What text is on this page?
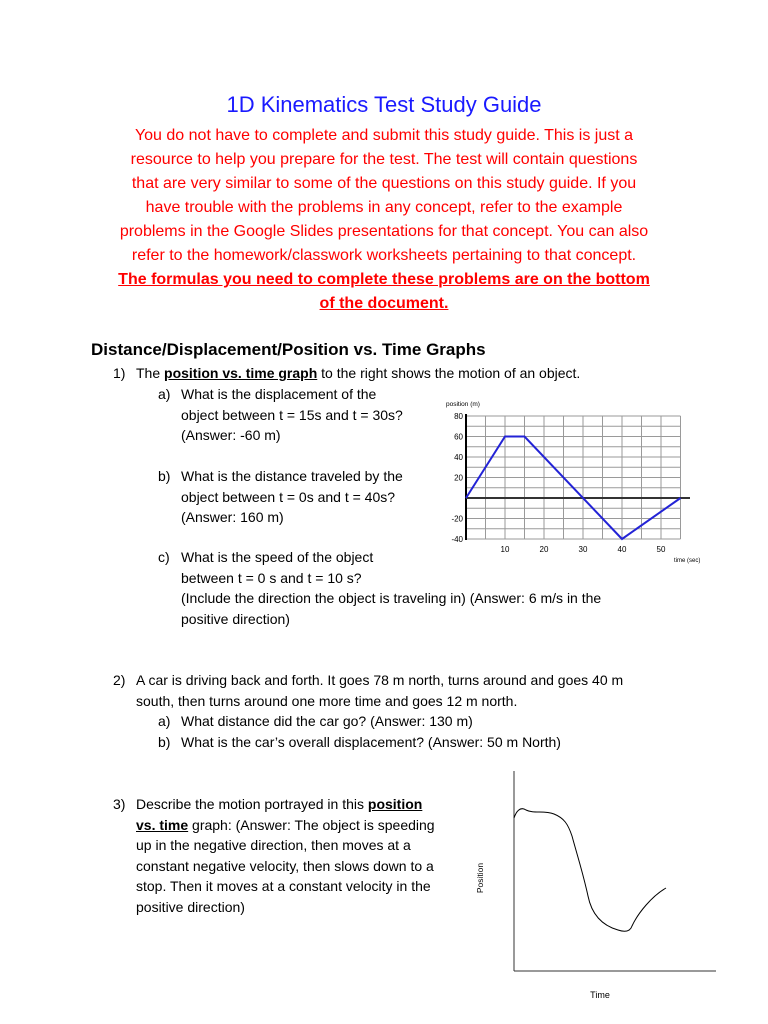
1D Kinematics Test Study Guide
You do not have to complete and submit this study guide. This is just a
resource to help you prepare for the test. The test will contain questions
that are very similar to some of the questions on this study guide. If you
have trouble with the problems in any concept, refer to the example
problems in the Google Slides presentations for that concept. You can also
refer to the homework/classwork worksheets pertaining to that concept.
The formulas you need to complete these problems are on the bottom
of the document.
Distance/Displacement/Position vs. Time Graphs
1) The position vs. time graph to the right shows the motion of an object.
a) What is the displacement of the
object between t = 15s and t = 30s?
(Answer: -60 m)
b) What is the distance traveled by the
object between t = 0s and t = 40s?
(Answer: 160 m)
c) What is the speed of the object
between t = 0 s and t = 10 s?
(Include the direction the object is traveling in) (Answer: 6 m/s in the
positive direction)
position (m)
time (sec)
80
60
40
20
-20
-40
10	20	30	40	50
2) A car is driving back and forth. It goes 78 m north, turns around and goes 40 m
south, then turns around one more time and goes 12 m north.
a) What distance did the car go? (Answer: 130 m)
b) What is the car’s overall displacement? (Answer: 50 m North)
3) Describe the motion portrayed in this position
vs. time graph: (Answer: The object is speeding
up in the negative direction, then moves at a
constant negative velocity, then slows down to a
stop. Then it moves at a constant velocity in the
positive direction)
Position
Time
